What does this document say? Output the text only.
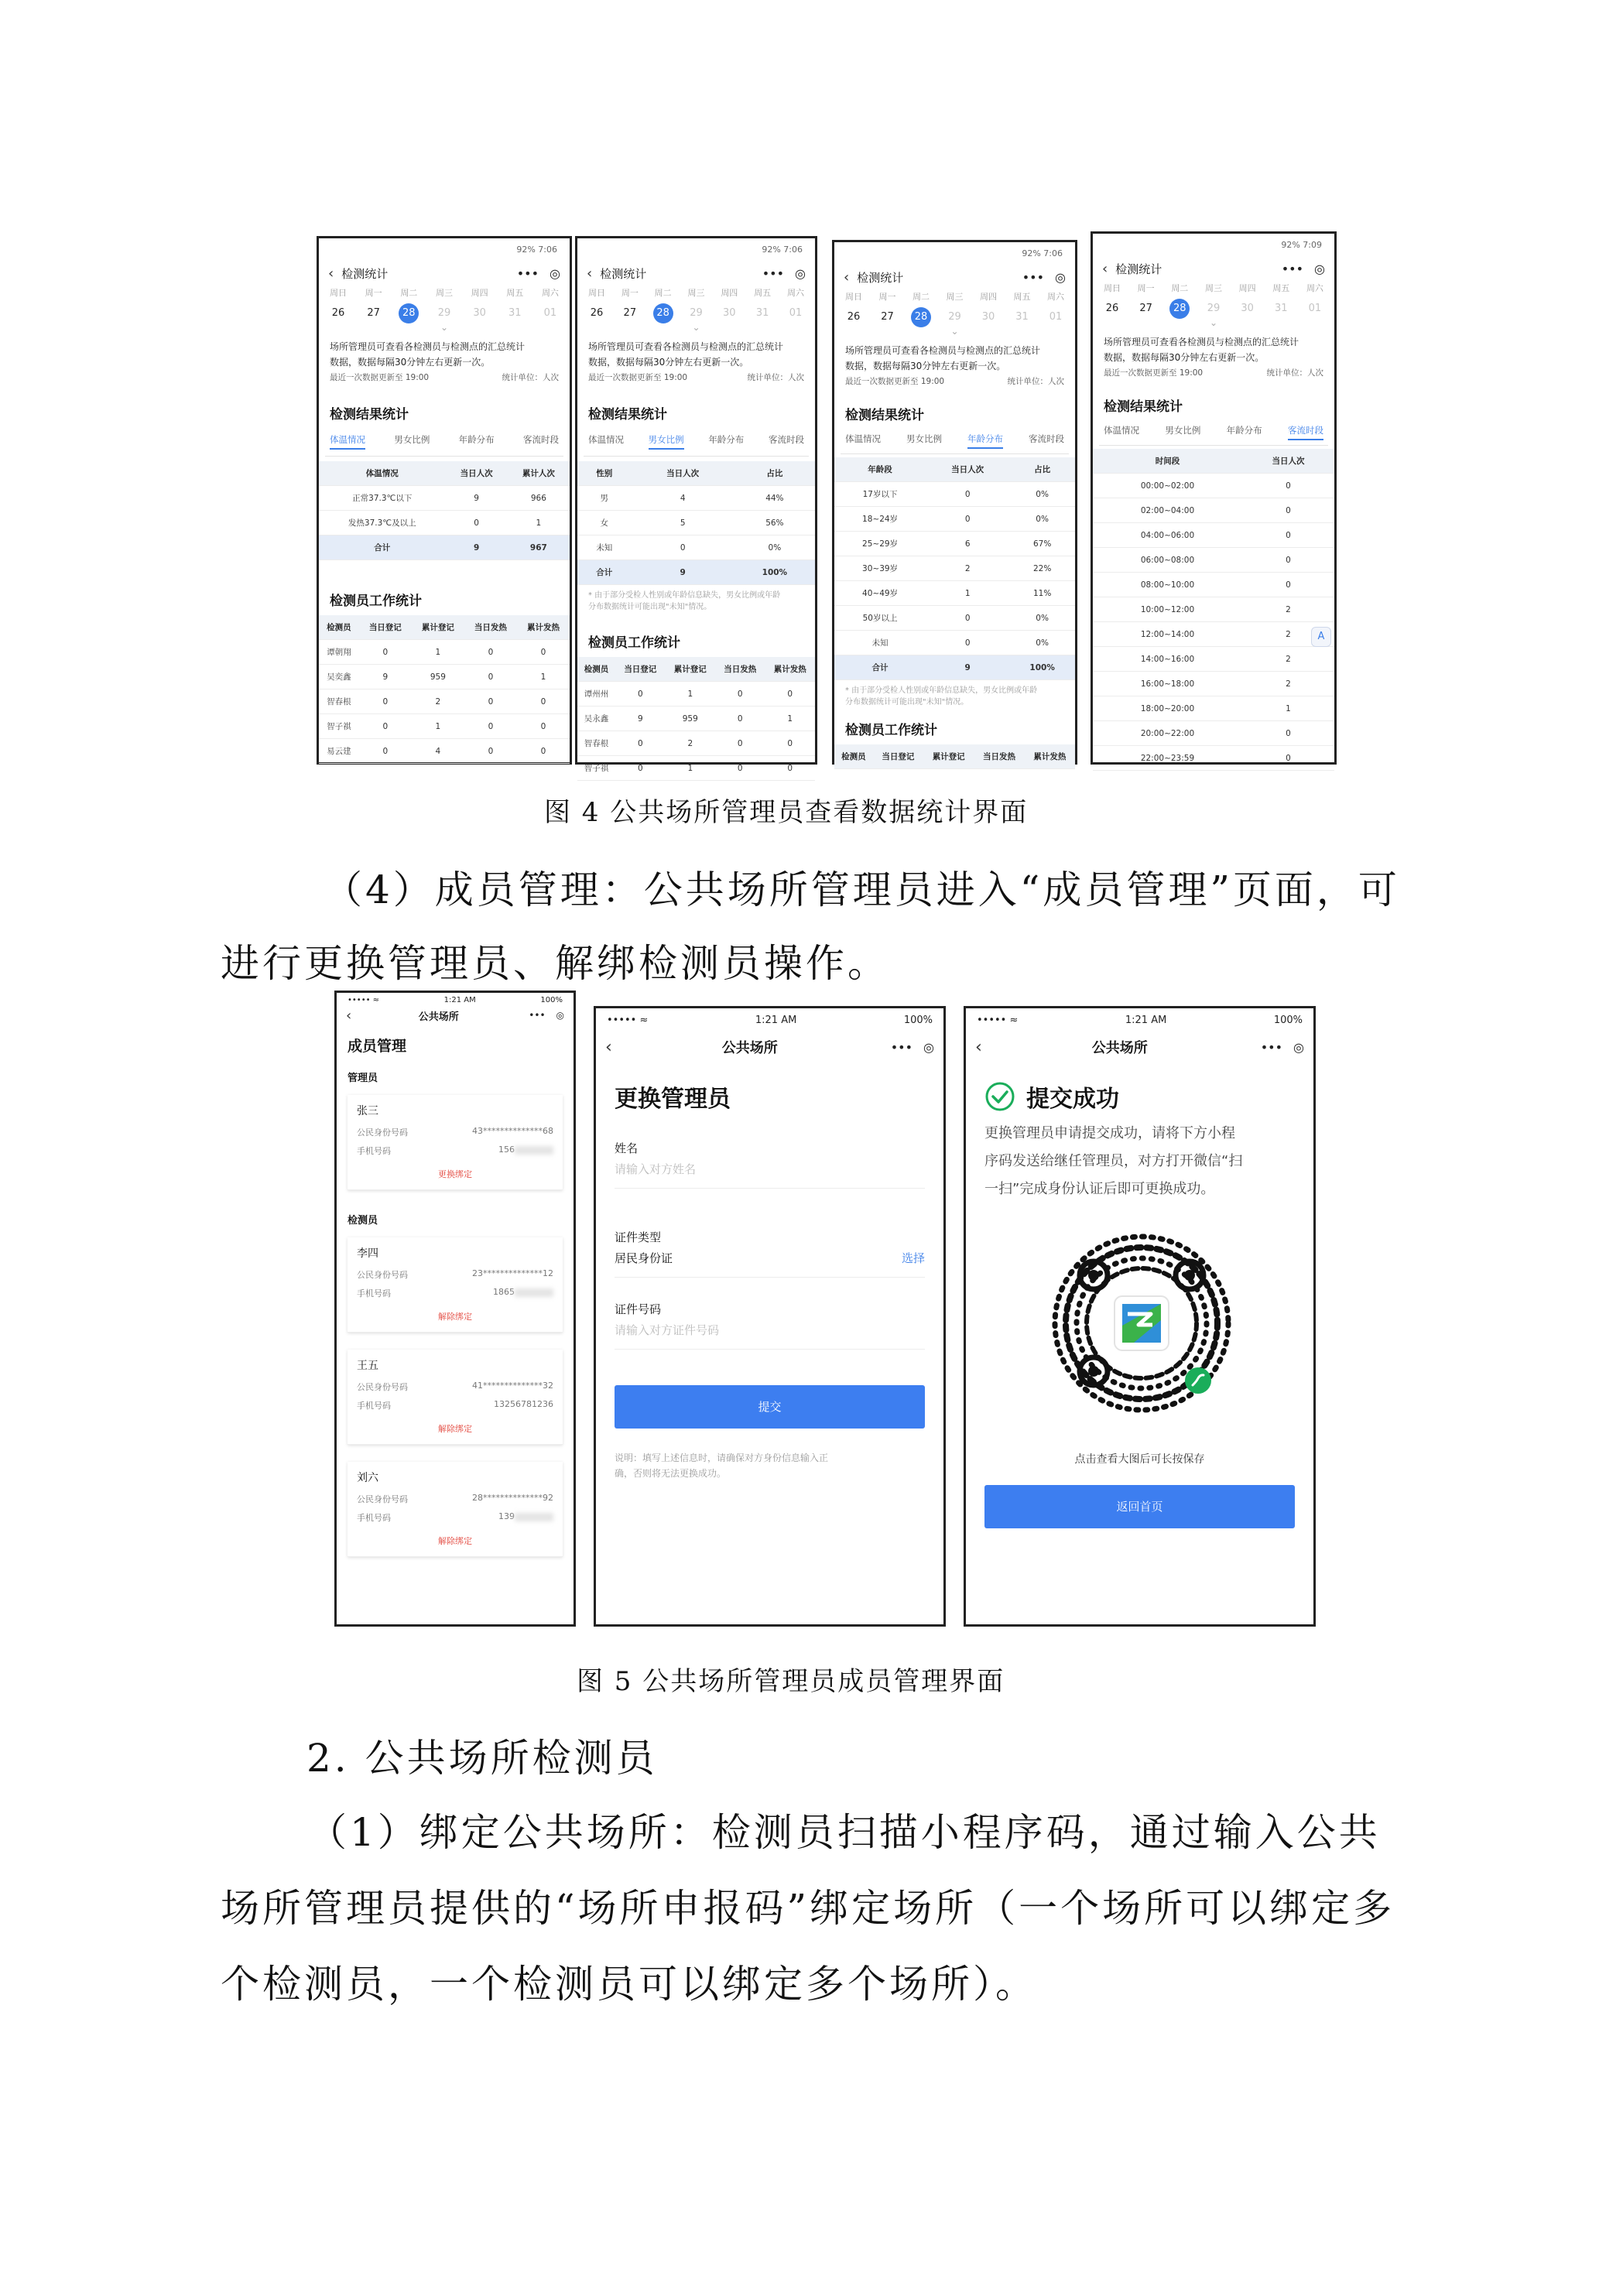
92% 7:06
‹ 检测统计	••• ◎
周日 周一 周二 周三 周四 周五 周六
26	27	28	29	30	31	01
⌄
场所管理员可查看各检测员与检测点的汇总统计
数据，数据每隔30分钟左右更新一次。
最近一次数据更新至 19:00	统计单位：人次
检测结果统计
体温情况	男女比例	年龄分布	客流时段
体温情况	当日人次	累计人次
正常37.3℃以下	9	966
发热37.3℃及以上	0	1
合计	9	967
检测员工作统计
检测员	当日登记	累计登记	当日发热	累计发热
谭朝翔	0	1	0	0
吴奕鑫	9	959	0	1
智春根	0	2	0	0
智子祺	0	1	0	0
易云建	0	4	0	0
92% 7:06
‹ 检测统计	••• ◎
周日 周一 周二 周三 周四 周五 周六
26	27	28	29	30	31	01
⌄
场所管理员可查看各检测员与检测点的汇总统计
数据，数据每隔30分钟左右更新一次。
最近一次数据更新至 19:00	统计单位：人次
检测结果统计
体温情况	男女比例	年龄分布	客流时段
性别	当日人次	占比
男	4	44%
女	5	56%
未知	0	0%
合计	9	100%
* 由于部分受检人性别或年龄信息缺失，男女比例或年龄
分布数据统计可能出现"未知"情况。
检测员工作统计
检测员	当日登记	累计登记	当日发热	累计发热
谭州州	0	1	0	0
吴永鑫	9	959	0	1
智春根	0	2	0	0
智子祺	0	1	0	0
92% 7:06
‹ 检测统计	••• ◎
周日 周一 周二 周三 周四 周五 周六
26	27	28	29	30	31	01
⌄
场所管理员可查看各检测员与检测点的汇总统计
数据，数据每隔30分钟左右更新一次。
最近一次数据更新至 19:00	统计单位：人次
检测结果统计
体温情况	男女比例	年龄分布	客流时段
年龄段	当日人次	占比
17岁以下	0	0%
18~24岁	0	0%
25~29岁	6	67%
30~39岁	2	22%
40~49岁	1	11%
50岁以上	0	0%
未知	0	0%
合计	9	100%
* 由于部分受检人性别或年龄信息缺失，男女比例或年龄
分布数据统计可能出现"未知"情况。
检测员工作统计
检测员	当日登记	累计登记	当日发热	累计发热
92% 7:09
‹ 检测统计	••• ◎
周日 周一 周二 周三 周四 周五 周六
26	27	28	29	30	31	01
⌄
场所管理员可查看各检测员与检测点的汇总统计
数据，数据每隔30分钟左右更新一次。
最近一次数据更新至 19:00	统计单位：人次
检测结果统计
体温情况	男女比例	年龄分布	客流时段
时间段	当日人次
00:00~02:00	0
02:00~04:00	0
04:00~06:00	0
06:00~08:00	0
08:00~10:00	0
10:00~12:00	2
12:00~14:00	2
14:00~16:00	2
16:00~18:00	2
18:00~20:00	1
20:00~22:00	0
22:00~23:59	0
A
图 4 公共场所管理员查看数据统计界面
（4）成员管理：公共场所管理员进入“成员管理”页面，可
进行更换管理员、解绑检测员操作。
••••• ≈	1:21 AM	100%
‹	公共场所	••• ◎
成员管理
管理员
张三
公民身份号码	43**************68
手机号码	156
更换绑定
检测员
李四
公民身份号码	23**************12
手机号码	1865
解除绑定
王五
公民身份号码	41**************32
手机号码	13256781236
解除绑定
刘六
公民身份号码	28**************92
手机号码	139
解除绑定
••••• ≈	1:21 AM	100%
‹	公共场所	••• ◎
更换管理员
姓名
请输入对方姓名
证件类型
居民身份证	选择
证件号码
请输入对方证件号码
提交
说明：填写上述信息时，请确保对方身份信息输入正
确，否则将无法更换成功。
••••• ≈	1:21 AM	100%
‹	公共场所	••• ◎
提交成功
更换管理员申请提交成功，请将下方小程
序码发送给继任管理员，对方打开微信“扫
一扫”完成身份认证后即可更换成功。
点击查看大图后可长按保存
返回首页
图 5 公共场所管理员成员管理界面
2. 公共场所检测员
（1）绑定公共场所：检测员扫描小程序码，通过输入公共
场所管理员提供的“场所申报码”绑定场所（一个场所可以绑定多
个检测员，一个检测员可以绑定多个场所）。
